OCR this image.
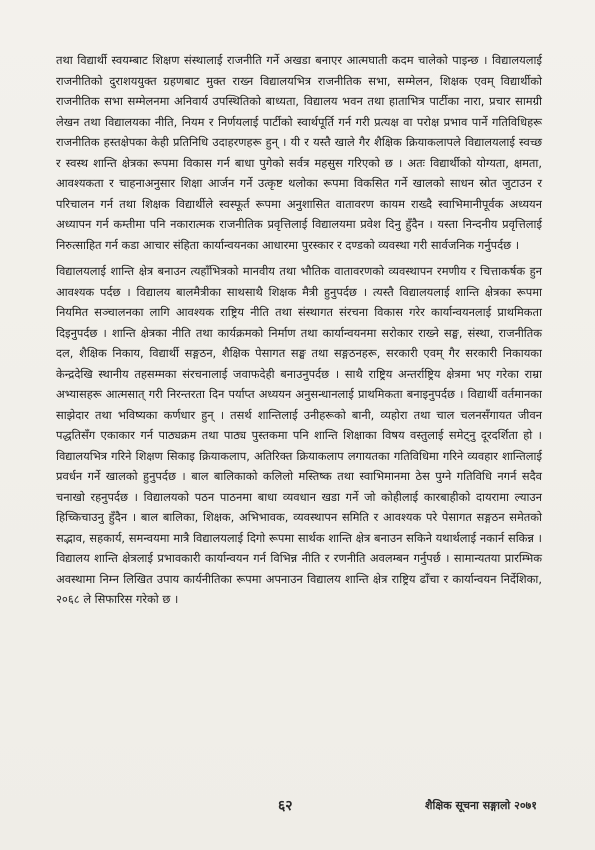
तथा विद्यार्थी स्वयम्बाट शिक्षण संस्थालाई राजनीति गर्ने अखडा बनाएर आत्मघाती कदम चालेको पाइन्छ । विद्यालयलाई राजनीतिको दुराशययुक्त ग्रहणबाट मुक्त राख्न विद्यालयभित्र राजनीतिक सभा, सम्मेलन, शिक्षक एवम् विद्यार्थीको राजनीतिक सभा सम्मेलनमा अनिवार्य उपस्थितिको बाध्यता, विद्यालय भवन तथा हाताभित्र पार्टीका नारा, प्रचार सामग्री लेखन तथा विद्यालयका नीति, नियम र निर्णयलाई पार्टीको स्वार्थपूर्ति गर्न गरी प्रत्यक्ष वा परोक्ष प्रभाव पार्ने गतिविधिहरू राजनीतिक हस्तक्षेपका केही प्रतिनिधि उदाहरणहरू हुन् । यी र यस्तै खाले गैर शैक्षिक क्रियाकलापले विद्यालयलाई स्वच्छ र स्वस्थ शान्ति क्षेत्रका रूपमा विकास गर्न बाधा पुगेको सर्वत्र महसुस गरिएको छ । अतः विद्यार्थीको योग्यता, क्षमता, आवश्यकता र चाहनाअनुसार शिक्षा आर्जन गर्ने उत्कृष्ट थलोका रूपमा विकसित गर्ने खालको साधन स्रोत जुटाउन र परिचालन गर्न तथा शिक्षक विद्यार्थीले स्वस्फूर्त रूपमा अनुशासित वातावरण कायम राख्दै स्वाभिमानीपूर्वक अध्ययन अध्यापन गर्न कम्तीमा पनि नकारात्मक राजनीतिक प्रवृत्तिलाई विद्यालयमा प्रवेश दिनु हुँदैन । यस्ता निन्दनीय प्रवृत्तिलाई निरुत्साहित गर्न कडा आचार संहिता कार्यान्वयनका आधारमा पुरस्कार र दण्डको व्यवस्था गरी सार्वजनिक गर्नुपर्दछ ।

विद्यालयलाई शान्ति क्षेत्र बनाउन त्यहाँभित्रको मानवीय तथा भौतिक वातावरणको व्यवस्थापन रमणीय र चित्ताकर्षक हुन आवश्यक पर्दछ । विद्यालय बालमैत्रीका साथसाथै शिक्षक मैत्री हुनुपर्दछ । त्यस्तै विद्यालयलाई शान्ति क्षेत्रका रूपमा नियमित सञ्चालनका लागि आवश्यक राष्ट्रिय नीति तथा संस्थागत संरचना विकास गरेर कार्यान्वयनलाई प्राथमिकता दिइनुपर्दछ । शान्ति क्षेत्रका नीति तथा कार्यक्रमको निर्माण तथा कार्यान्वयनमा सरोकार राख्ने सङ्घ, संस्था, राजनीतिक दल, शैक्षिक निकाय, विद्यार्थी सङ्गठन, शैक्षिक पेसागत सङ्घ तथा सङ्गठनहरू, सरकारी एवम् गैर सरकारी निकायका केन्द्रदेखि स्थानीय तहसम्मका संरचनालाई जवाफदेही बनाउनुपर्दछ । साथै राष्ट्रिय अन्तर्राष्ट्रिय क्षेत्रमा भए गरेका राम्रा अभ्यासहरू आत्मसात् गरी निरन्तरता दिन पर्याप्त अध्ययन अनुसन्धानलाई प्राथमिकता बनाइनुपर्दछ । विद्यार्थी वर्तमानका साझेदार तथा भविष्यका कर्णधार हुन् । तसर्थ शान्तिलाई उनीहरूको बानी, व्यहोरा तथा चाल चलनसँगायत जीवन पद्धतिसँग एकाकार गर्न पाठ्यक्रम तथा पाठ्य पुस्तकमा पनि शान्ति शिक्षाका विषय वस्तुलाई समेट्नु दूरदर्शिता हो । विद्यालयभित्र गरिने शिक्षण सिकाइ क्रियाकलाप, अतिरिक्त क्रियाकलाप लगायतका गतिविधिमा गरिने व्यवहार शान्तिलाई प्रवर्धन गर्ने खालको हुनुपर्दछ । बाल बालिकाको कलिलो मस्तिष्क तथा स्वाभिमानमा ठेस पुग्ने गतिविधि नगर्न सदैव चनाखो रहनुपर्दछ । विद्यालयको पठन पाठनमा बाधा व्यवधान खडा गर्ने जो कोहीलाई कारबाहीको दायरामा ल्याउन हिच्किचाउनु हुँदैन । बाल बालिका, शिक्षक, अभिभावक, व्यवस्थापन समिति र आवश्यक परे पेसागत सङ्गठन समेतको सद्भाव, सहकार्य, समन्वयमा मात्रै विद्यालयलाई दिगो रूपमा सार्थक शान्ति क्षेत्र बनाउन सकिने यथार्थलाई नकार्न सकिन्न । विद्यालय शान्ति क्षेत्रलाई प्रभावकारी कार्यान्वयन गर्न विभिन्न नीति र रणनीति अवलम्बन गर्नुपर्छ । सामान्यतया प्रारम्भिक अवस्थामा निम्न लिखित उपाय कार्यनीतिका रूपमा अपनाउन विद्यालय शान्ति क्षेत्र राष्ट्रिय ढाँचा र कार्यान्वयन निर्देशिका, २०६८ ले सिफारिस गरेको छ ।

६२	शैक्षिक सूचना सङ्गालो २०७१
